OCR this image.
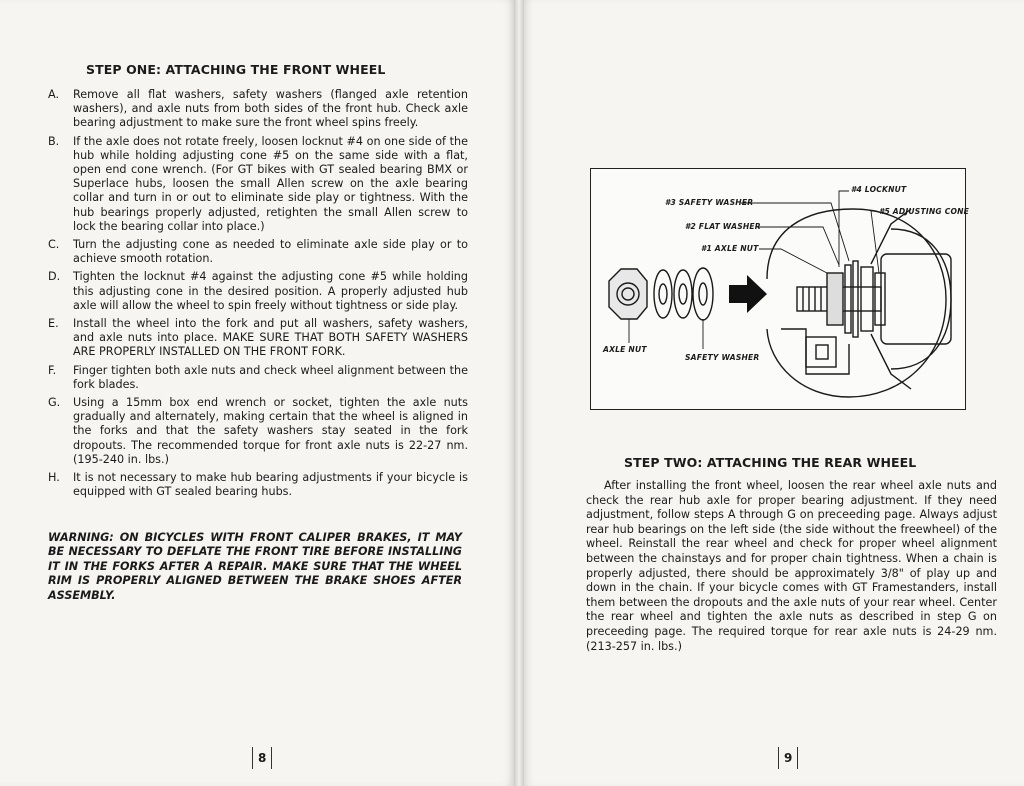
STEP ONE: ATTACHING THE FRONT WHEEL
A. Remove all flat washers, safety washers (flanged axle retention washers), and axle nuts from both sides of the front hub. Check axle bearing adjustment to make sure the front wheel spins freely.
B. If the axle does not rotate freely, loosen locknut #4 on one side of the hub while holding adjusting cone #5 on the same side with a flat, open end cone wrench. (For GT bikes with GT sealed bearing BMX or Superlace hubs, loosen the small Allen screw on the axle bearing collar and turn in or out to eliminate side play or tightness. With the hub bearings properly adjusted, retighten the small Allen screw to lock the bearing collar into place.)
C. Turn the adjusting cone as needed to eliminate axle side play or to achieve smooth rotation.
D. Tighten the locknut #4 against the adjusting cone #5 while holding this adjusting cone in the desired position. A properly adjusted hub axle will allow the wheel to spin freely without tightness or side play.
E. Install the wheel into the fork and put all washers, safety washers, and axle nuts into place. MAKE SURE THAT BOTH SAFETY WASHERS ARE PROPERLY INSTALLED ON THE FRONT FORK.
F. Finger tighten both axle nuts and check wheel alignment between the fork blades.
G. Using a 15mm box end wrench or socket, tighten the axle nuts gradually and alternately, making certain that the wheel is aligned in the forks and that the safety washers stay seated in the fork dropouts. The recommended torque for front axle nuts is 22-27 nm. (195-240 in. lbs.)
H. It is not necessary to make hub bearing adjustments if your bicycle is equipped with GT sealed bearing hubs.
WARNING: ON BICYCLES WITH FRONT CALIPER BRAKES, IT MAY BE NECESSARY TO DEFLATE THE FRONT TIRE BEFORE INSTALLING IT IN THE FORKS AFTER A REPAIR. MAKE SURE THAT THE WHEEL RIM IS PROPERLY ALIGNED BETWEEN THE BRAKE SHOES AFTER ASSEMBLY.
8
#4 LOCKNUT
#3 SAFETY WASHER
#5 ADJUSTING CONE
#2 FLAT WASHER
#1 AXLE NUT
AXLE NUT
SAFETY WASHER
STEP TWO: ATTACHING THE REAR WHEEL
After installing the front wheel, loosen the rear wheel axle nuts and check the rear hub axle for proper bearing adjustment. If they need adjustment, follow steps A through G on preceeding page. Always adjust rear hub bearings on the left side (the side without the freewheel) of the wheel. Reinstall the rear wheel and check for proper wheel alignment between the chainstays and for proper chain tightness. When a chain is properly adjusted, there should be approximately 3/8" of play up and down in the chain. If your bicycle comes with GT Framestanders, install them between the dropouts and the axle nuts of your rear wheel. Center the rear wheel and tighten the axle nuts as described in step G on preceeding page. The required torque for rear axle nuts is 24-29 nm. (213-257 in. lbs.)
9
